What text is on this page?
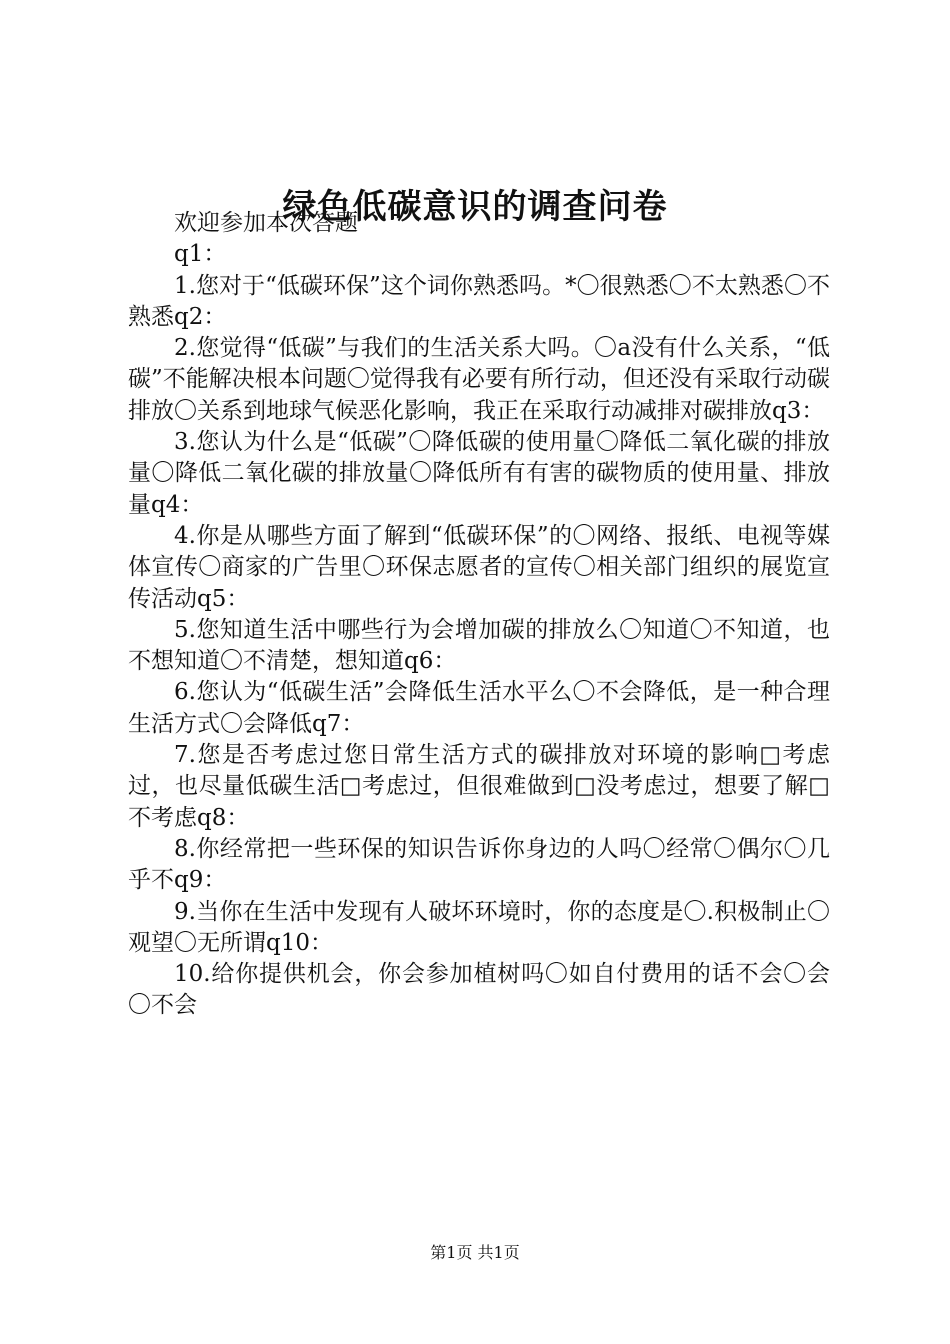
绿色低碳意识的调查问卷

欢迎参加本次答题

q1：

1.您对于“低碳环保”这个词你熟悉吗。*〇很熟悉〇不太熟悉〇不熟悉q2：

2.您觉得“低碳”与我们的生活关系大吗。〇a没有什么关系，“低碳”不能解决根本问题〇觉得我有必要有所行动，但还没有采取行动碳排放〇关系到地球气候恶化影响，我正在采取行动减排对碳排放q3：

3.您认为什么是“低碳”〇降低碳的使用量〇降低二氧化碳的排放量〇降低二氧化碳的排放量〇降低所有有害的碳物质的使用量、排放量q4：

4.你是从哪些方面了解到“低碳环保”的〇网络、报纸、电视等媒体宣传〇商家的广告里〇环保志愿者的宣传〇相关部门组织的展览宣传活动q5：

5.您知道生活中哪些行为会增加碳的排放么〇知道〇不知道，也不想知道〇不清楚，想知道q6：

6.您认为“低碳生活”会降低生活水平么〇不会降低，是一种合理生活方式〇会降低q7：

7.您是否考虑过您日常生活方式的碳排放对环境的影响□考虑过，也尽量低碳生活□考虑过，但很难做到□没考虑过，想要了解□不考虑q8：

8.你经常把一些环保的知识告诉你身边的人吗〇经常〇偶尔〇几乎不q9：

9.当你在生活中发现有人破坏环境时，你的态度是〇.积极制止〇观望〇无所谓q10：

10.给你提供机会，你会参加植树吗〇如自付费用的话不会〇会〇不会

第1页 共1页
